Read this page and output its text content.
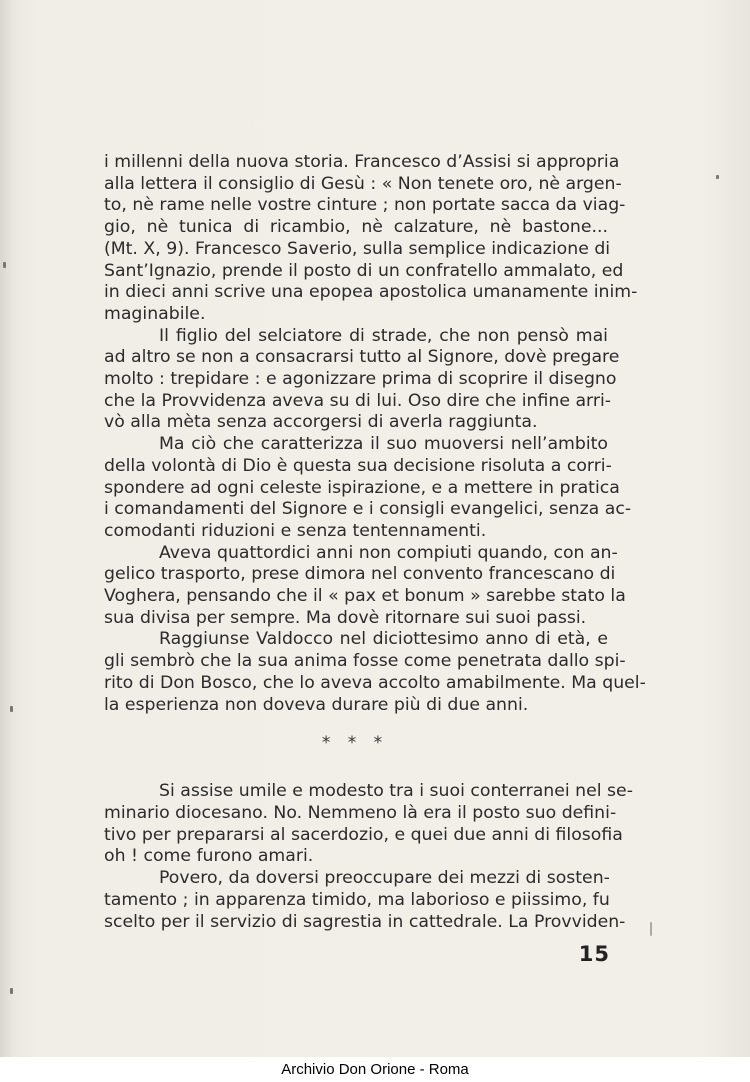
i millenni della nuova storia. Francesco d’Assisi si appropria
alla lettera il consiglio di Gesù : « Non tenete oro, nè argen-
to, nè rame nelle vostre cinture ; non portate sacca da viag-
gio, nè tunica di ricambio, nè calzature, nè bastone...
(Mt. X, 9). Francesco Saverio, sulla semplice indicazione di
Sant’Ignazio, prende il posto di un confratello ammalato, ed
in dieci anni scrive una epopea apostolica umanamente inim-
maginabile.
Il figlio del selciatore di strade, che non pensò mai
ad altro se non a consacrarsi tutto al Signore, dovè pregare
molto : trepidare : e agonizzare prima di scoprire il disegno
che la Provvidenza aveva su di lui. Oso dire che infine arri-
vò alla mèta senza accorgersi di averla raggiunta.
Ma ciò che caratterizza il suo muoversi nell’ambito
della volontà di Dio è questa sua decisione risoluta a corri-
spondere ad ogni celeste ispirazione, e a mettere in pratica
i comandamenti del Signore e i consigli evangelici, senza ac-
comodanti riduzioni e senza tentennamenti.
Aveva quattordici anni non compiuti quando, con an-
gelico trasporto, prese dimora nel convento francescano di
Voghera, pensando che il « pax et bonum » sarebbe stato la
sua divisa per sempre. Ma dovè ritornare sui suoi passi.
Raggiunse Valdocco nel diciottesimo anno di età, e
gli sembrò che la sua anima fosse come penetrata dallo spi-
rito di Don Bosco, che lo aveva accolto amabilmente. Ma quel-
la esperienza non doveva durare più di due anni.
Si assise umile e modesto tra i suoi conterranei nel se-
minario diocesano. No. Nemmeno là era il posto suo defini-
tivo per prepararsi al sacerdozio, e quei due anni di filosofia
oh ! come furono amari.
Povero, da doversi preoccupare dei mezzi di sosten-
tamento ; in apparenza timido, ma laborioso e piissimo, fu
scelto per il servizio di sagrestia in cattedrale. La Provviden-
* * *
15
Archivio Don Orione - Roma
